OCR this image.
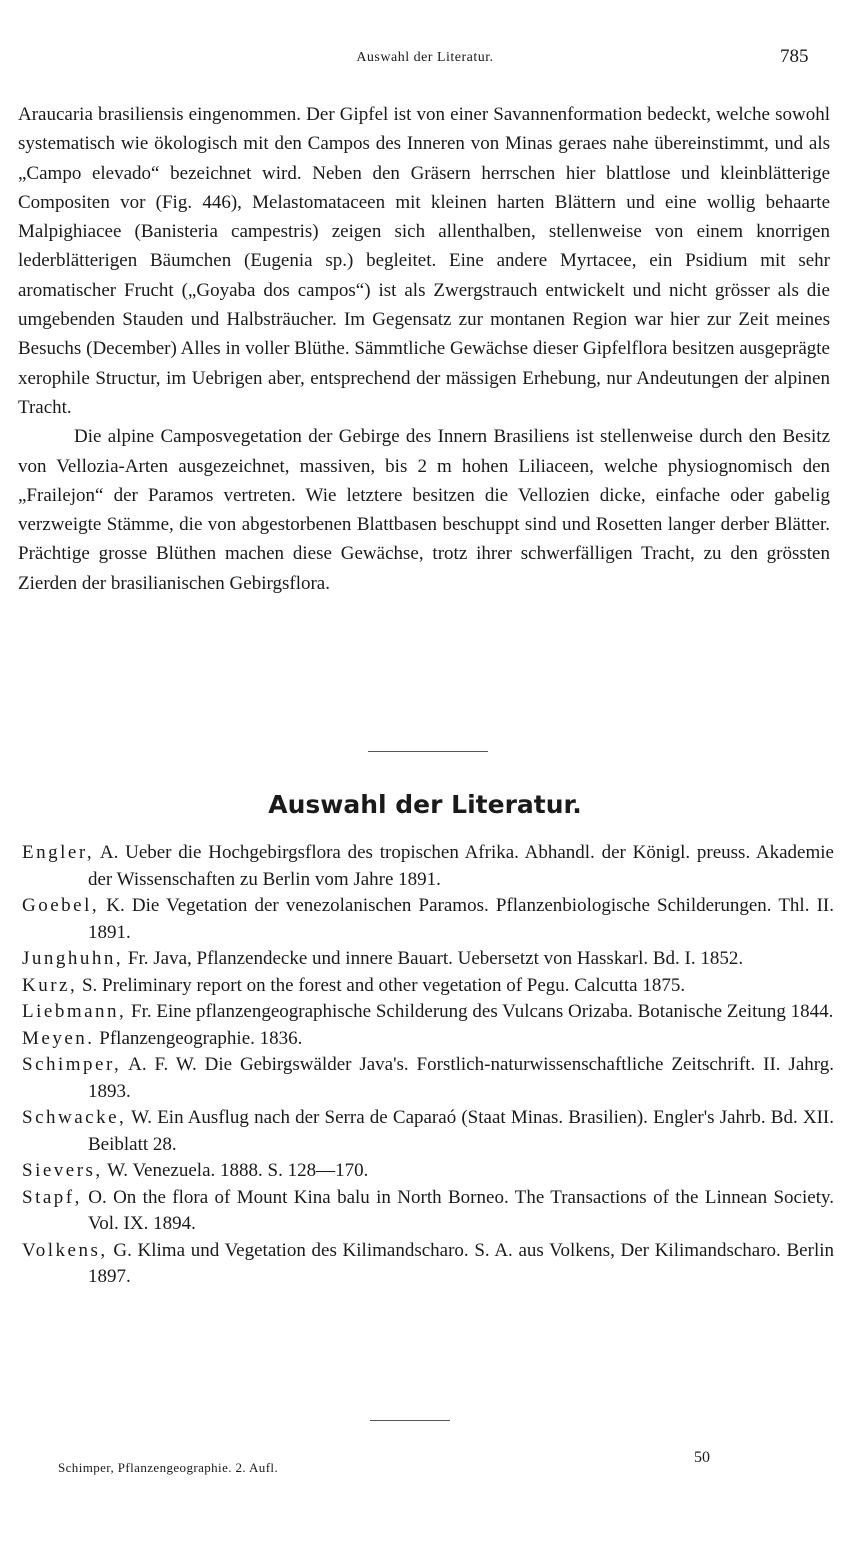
Auswahl der Literatur.	785

Araucaria brasiliensis eingenommen. Der Gipfel ist von einer Savannenformation bedeckt, welche sowohl systematisch wie ökologisch mit den Campos des Inneren von Minas geraes nahe übereinstimmt, und als „Campo elevado“ bezeichnet wird. Neben den Gräsern herrschen hier blattlose und kleinblätterige Compositen vor (Fig. 446), Melastomataceen mit kleinen harten Blättern und eine wollig behaarte Malpighiacee (Banisteria campestris) zeigen sich allenthalben, stellenweise von einem knorrigen lederblätterigen Bäumchen (Eugenia sp.) begleitet. Eine andere Myrtacee, ein Psidium mit sehr aromatischer Frucht („Goyaba dos campos“) ist als Zwergstrauch entwickelt und nicht grösser als die umgebenden Stauden und Halbsträucher. Im Gegensatz zur montanen Region war hier zur Zeit meines Besuchs (December) Alles in voller Blüthe. Sämmtliche Gewächse dieser Gipfelflora besitzen ausgeprägte xerophile Structur, im Uebrigen aber, entsprechend der mässigen Erhebung, nur Andeutungen der alpinen Tracht.

Die alpine Camposvegetation der Gebirge des Innern Brasiliens ist stellenweise durch den Besitz von Vellozia-Arten ausgezeichnet, massiven, bis 2 m hohen Liliaceen, welche physiognomisch den „Frailejon“ der Paramos vertreten. Wie letztere besitzen die Vellozien dicke, einfache oder gabelig verzweigte Stämme, die von abgestorbenen Blattbasen beschuppt sind und Rosetten langer derber Blätter. Prächtige grosse Blüthen machen diese Gewächse, trotz ihrer schwerfälligen Tracht, zu den grössten Zierden der brasilianischen Gebirgsflora.

Auswahl der Literatur.

Engler, A. Ueber die Hochgebirgsflora des tropischen Afrika. Abhandl. der Königl. preuss. Akademie der Wissenschaften zu Berlin vom Jahre 1891.

Goebel, K. Die Vegetation der venezolanischen Paramos. Pflanzenbiologische Schilderungen. Thl. II. 1891.

Junghuhn, Fr. Java, Pflanzendecke und innere Bauart. Uebersetzt von Hasskarl. Bd. I. 1852.

Kurz, S. Preliminary report on the forest and other vegetation of Pegu. Calcutta 1875.

Liebmann, Fr. Eine pflanzengeographische Schilderung des Vulcans Orizaba. Botanische Zeitung 1844.

Meyen. Pflanzengeographie. 1836.

Schimper, A. F. W. Die Gebirgswälder Java's. Forstlich-naturwissenschaftliche Zeitschrift. II. Jahrg. 1893.

Schwacke, W. Ein Ausflug nach der Serra de Caparaó (Staat Minas. Brasilien). Engler's Jahrb. Bd. XII. Beiblatt 28.

Sievers, W. Venezuela. 1888. S. 128—170.

Stapf, O. On the flora of Mount Kina balu in North Borneo. The Transactions of the Linnean Society. Vol. IX. 1894.

Volkens, G. Klima und Vegetation des Kilimandscharo. S. A. aus Volkens, Der Kilimandscharo. Berlin 1897.

Schimper, Pflanzengeographie. 2. Aufl.
50
